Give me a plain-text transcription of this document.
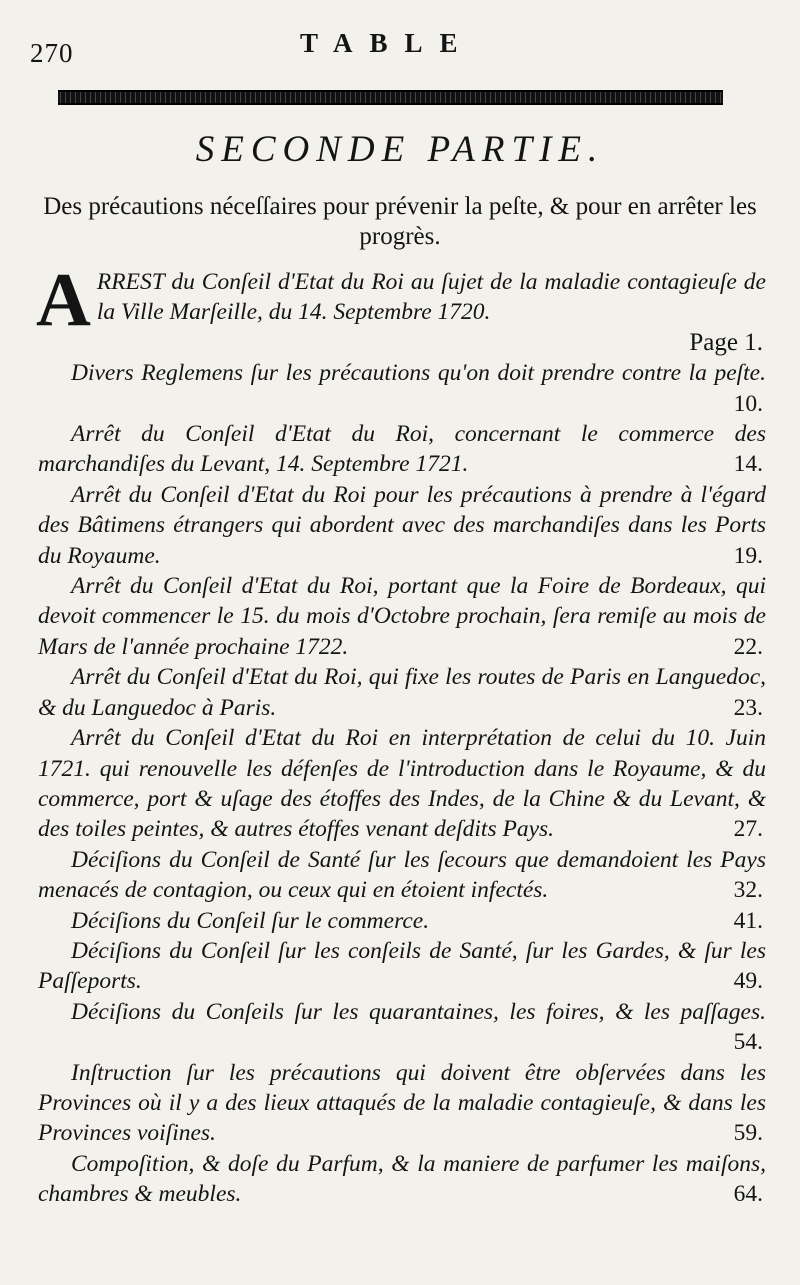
270	TABLE
SECONDE PARTIE.
Des précautions néceſſaires pour prévenir la peſte, & pour en arrêter les progrès.

ARREST du Conſeil d'Etat du Roi au ſujet de la maladie contagieuſe de la Ville Marſeille, du 14. Septembre 1720.

Page 1.

Divers Reglemens ſur les précautions qu'on doit prendre contre la peſte.
10.

Arrêt du Conſeil d'Etat du Roi, concernant le commerce des marchandiſes du Levant, 14. Septembre 1721.	14.

Arrêt du Conſeil d'Etat du Roi pour les précautions à prendre à l'égard des Bâtimens étrangers qui abordent avec des marchandiſes dans les Ports du Royaume.	19.

Arrêt du Conſeil d'Etat du Roi, portant que la Foire de Bordeaux, qui devoit commencer le 15. du mois d'Octobre prochain, ſera remiſe au mois de Mars de l'année prochaine 1722.	22.

Arrêt du Conſeil d'Etat du Roi, qui fixe les routes de Paris en Languedoc, & du Languedoc à Paris.	23.

Arrêt du Conſeil d'Etat du Roi en interprétation de celui du 10. Juin 1721. qui renouvelle les défenſes de l'introduction dans le Royaume, & du commerce, port & uſage des étoffes des Indes, de la Chine & du Levant, & des toiles peintes, & autres étoffes venant deſdits Pays.	27.

Déciſions du Conſeil de Santé ſur les ſecours que demandoient les Pays menacés de contagion, ou ceux qui en étoient infectés.	32.

Déciſions du Conſeil ſur le commerce.	41.

Déciſions du Conſeil ſur les conſeils de Santé, ſur les Gardes, & ſur les Paſſeports.	49.

Déciſions du Conſeils ſur les quarantaines, les foires, & les paſſages.
54.

Inſtruction ſur les précautions qui doivent être obſervées dans les Provinces où il y a des lieux attaqués de la maladie contagieuſe, & dans les Provinces voiſines.	59.

Compoſition, & doſe du Parfum, & la maniere de parfumer les maiſons, chambres & meubles.	64.
